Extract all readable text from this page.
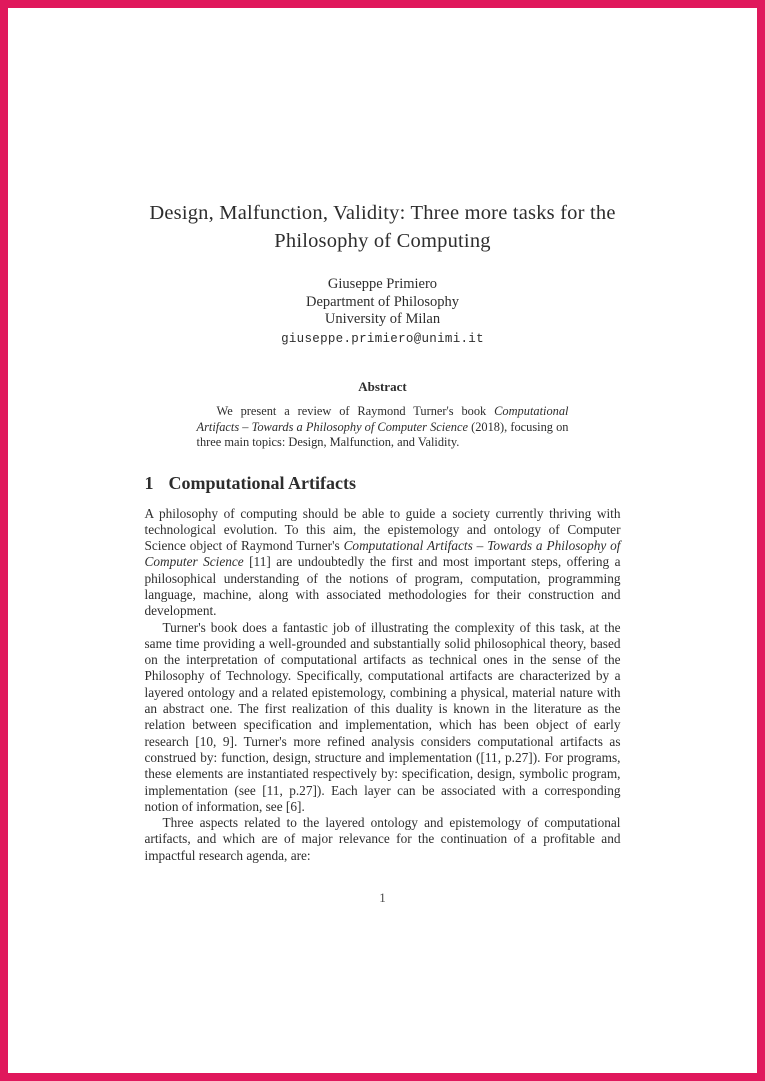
Design, Malfunction, Validity: Three more tasks for the Philosophy of Computing
Giuseppe Primiero
Department of Philosophy
University of Milan
giuseppe.primiero@unimi.it
Abstract

We present a review of Raymond Turner's book Computational Artifacts – Towards a Philosophy of Computer Science (2018), focusing on three main topics: Design, Malfunction, and Validity.

1 Computational Artifacts

A philosophy of computing should be able to guide a society currently thriving with technological evolution. To this aim, the epistemology and ontology of Computer Science object of Raymond Turner's Computational Artifacts – Towards a Philosophy of Computer Science [11] are undoubtedly the first and most important steps, offering a philosophical understanding of the notions of program, computation, programming language, machine, along with associated methodologies for their construction and development.

Turner's book does a fantastic job of illustrating the complexity of this task, at the same time providing a well-grounded and substantially solid philosophical theory, based on the interpretation of computational artifacts as technical ones in the sense of the Philosophy of Technology. Specifically, computational artifacts are characterized by a layered ontology and a related epistemology, combining a physical, material nature with an abstract one. The first realization of this duality is known in the literature as the relation between specification and implementation, which has been object of early research [10, 9]. Turner's more refined analysis considers computational artifacts as construed by: function, design, structure and implementation ([11, p.27]). For programs, these elements are instantiated respectively by: specification, design, symbolic program, implementation (see [11, p.27]). Each layer can be associated with a corresponding notion of information, see [6].

Three aspects related to the layered ontology and epistemology of computational artifacts, and which are of major relevance for the continuation of a profitable and impactful research agenda, are:

1
